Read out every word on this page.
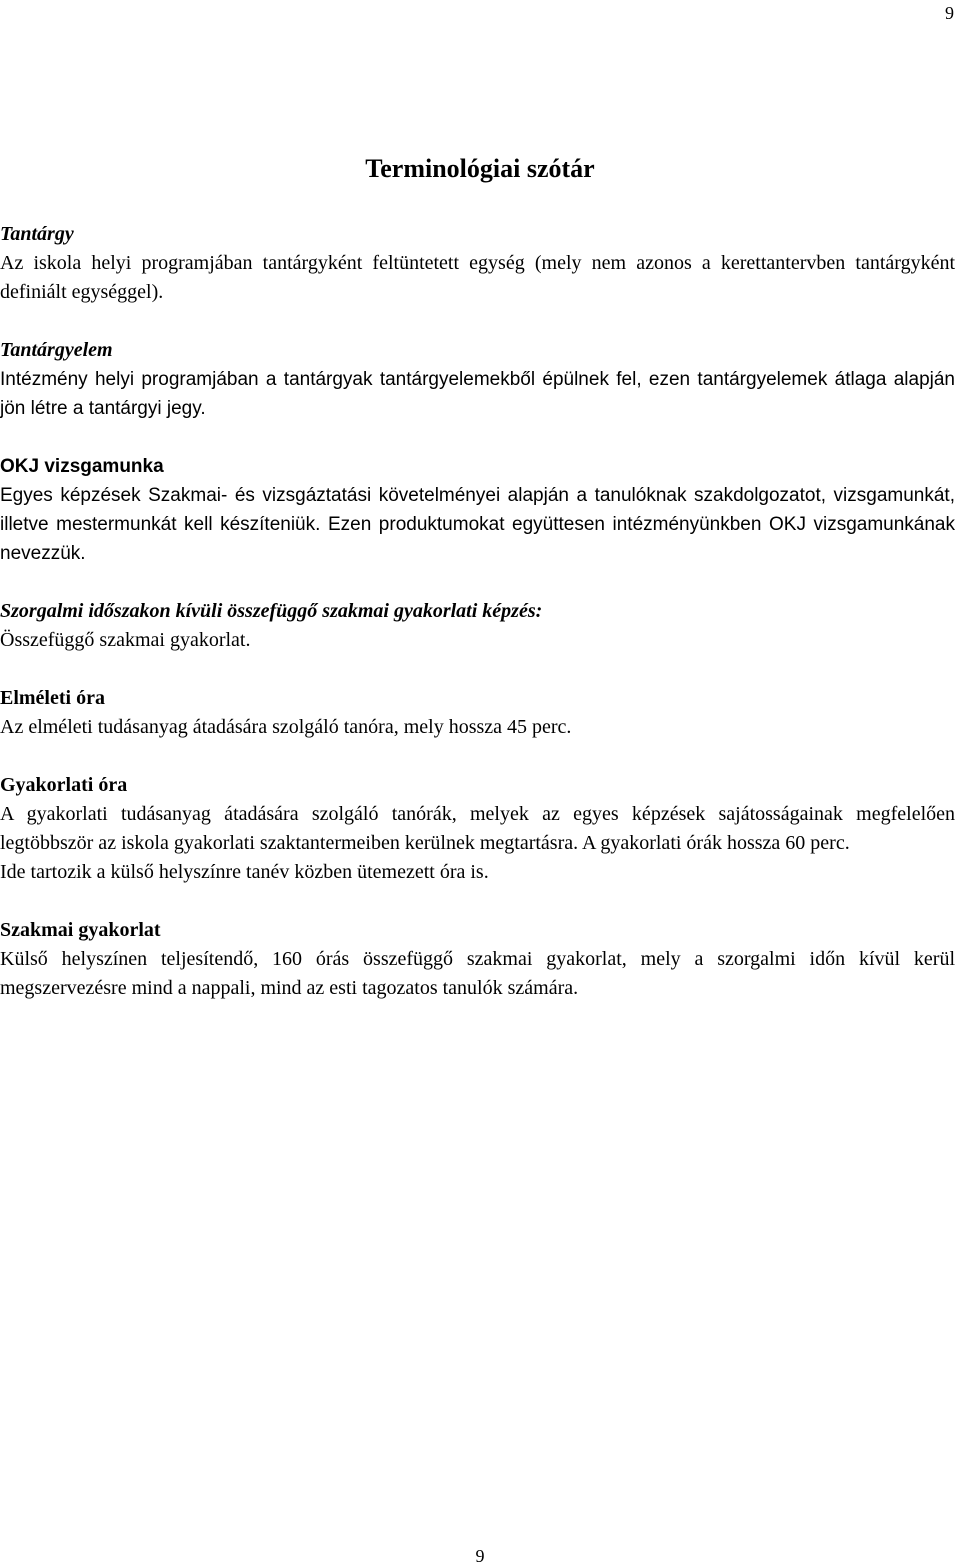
9
Terminológiai szótár

Tantárgy

Az iskola helyi programjában tantárgyként feltüntetett egység (mely nem azonos a kerettantervben tantárgyként definiált egységgel).

Tantárgyelem

Intézmény helyi programjában a tantárgyak tantárgyelemekből épülnek fel, ezen tantárgyelemek átlaga alapján jön létre a tantárgyi jegy.

OKJ vizsgamunka

Egyes képzések Szakmai- és vizsgáztatási követelményei alapján a tanulóknak szakdolgozatot, vizsgamunkát, illetve mestermunkát kell készíteniük. Ezen produktumokat együttesen intézményünkben OKJ vizsgamunkának nevezzük.

Szorgalmi időszakon kívüli összefüggő szakmai gyakorlati képzés:

Összefüggő szakmai gyakorlat.

Elméleti óra

Az elméleti tudásanyag átadására szolgáló tanóra, mely hossza 45 perc.

Gyakorlati óra

A gyakorlati tudásanyag átadására szolgáló tanórák, melyek az egyes képzések sajátosságainak megfelelően legtöbbször az iskola gyakorlati szaktantermeiben kerülnek megtartásra. A gyakorlati órák hossza 60 perc.

Ide tartozik a külső helyszínre tanév közben ütemezett óra is.

Szakmai gyakorlat

Külső helyszínen teljesítendő, 160 órás összefüggő szakmai gyakorlat, mely a szorgalmi időn kívül kerül megszervezésre mind a nappali, mind az esti tagozatos tanulók számára.

9
